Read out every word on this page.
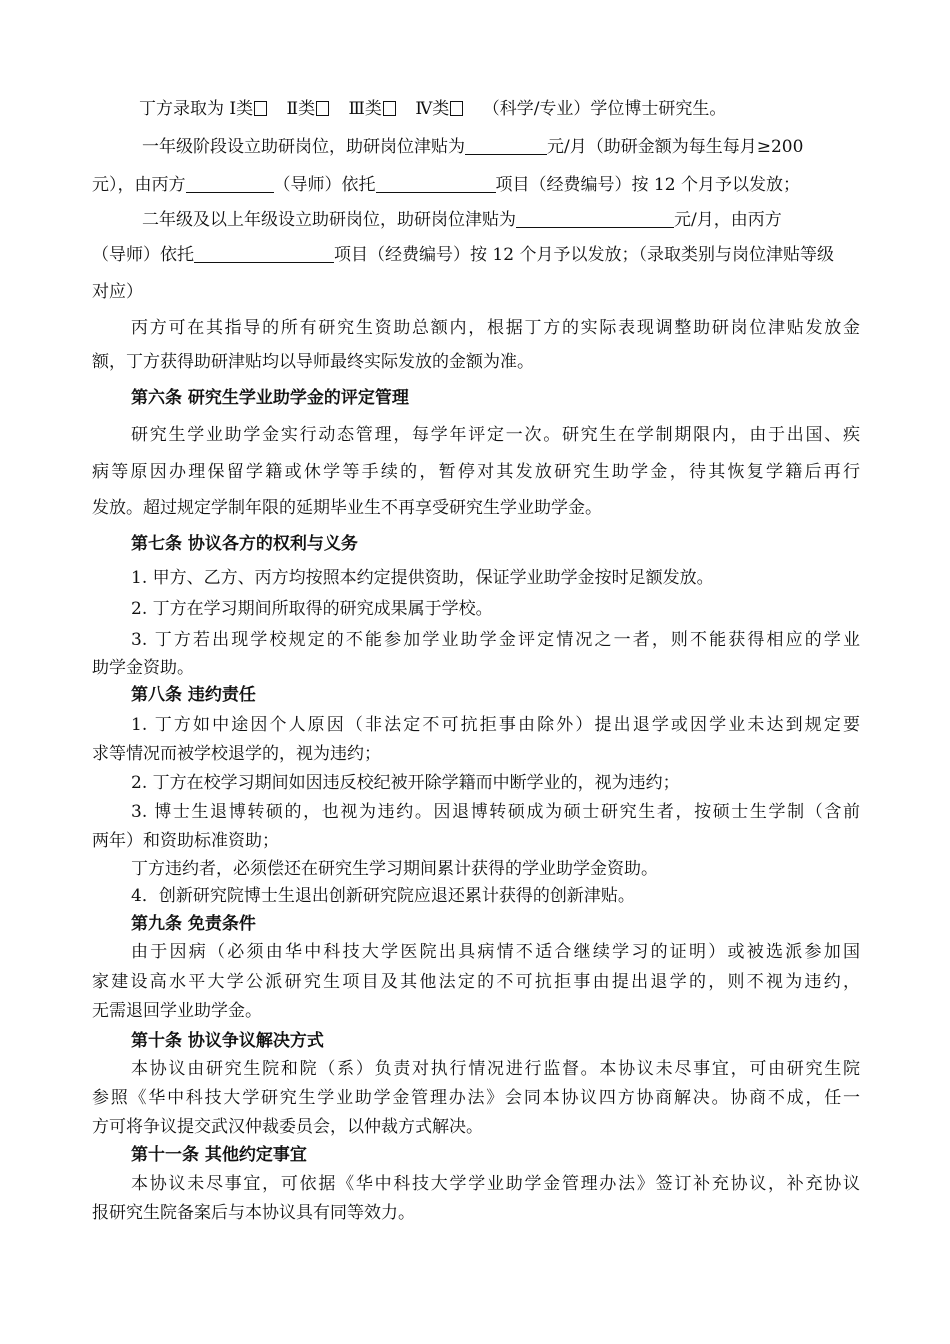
丁方录取为 Ⅰ类 Ⅱ类 Ⅲ类 Ⅳ类 （科学/专业）学位博士研究生。
一年级阶段设立助研岗位，助研岗位津贴为	元/月（助研金额为每生每月≥200
元），由丙方	（导师）依托	项目（经费编号）按 12 个月予以发放；
二年级及以上年级设立助研岗位，助研岗位津贴为	元/月，由丙方
（导师）依托	项目（经费编号）按 12 个月予以发放；（录取类别与岗位津贴等级
对应）
丙方可在其指导的所有研究生资助总额内，根据丁方的实际表现调整助研岗位津贴发放金
额，丁方获得助研津贴均以导师最终实际发放的金额为准。
第六条 研究生学业助学金的评定管理
研究生学业助学金实行动态管理，每学年评定一次。研究生在学制期限内，由于出国、疾
病等原因办理保留学籍或休学等手续的，暂停对其发放研究生助学金，待其恢复学籍后再行
发放。超过规定学制年限的延期毕业生不再享受研究生学业助学金。
第七条 协议各方的权利与义务
1. 甲方、乙方、丙方均按照本约定提供资助，保证学业助学金按时足额发放。
2. 丁方在学习期间所取得的研究成果属于学校。
3. 丁方若出现学校规定的不能参加学业助学金评定情况之一者，则不能获得相应的学业
助学金资助。
第八条 违约责任
1. 丁方如中途因个人原因（非法定不可抗拒事由除外）提出退学或因学业未达到规定要
求等情况而被学校退学的，视为违约；
2. 丁方在校学习期间如因违反校纪被开除学籍而中断学业的，视为违约；
3. 博士生退博转硕的，也视为违约。因退博转硕成为硕士研究生者，按硕士生学制（含前
两年）和资助标准资助；
丁方违约者，必须偿还在研究生学习期间累计获得的学业助学金资助。
4．创新研究院博士生退出创新研究院应退还累计获得的创新津贴。
第九条 免责条件
由于因病（必须由华中科技大学医院出具病情不适合继续学习的证明）或被选派参加国
家建设高水平大学公派研究生项目及其他法定的不可抗拒事由提出退学的，则不视为违约，
无需退回学业助学金。
第十条 协议争议解决方式
本协议由研究生院和院（系）负责对执行情况进行监督。本协议未尽事宜，可由研究生院
参照《华中科技大学研究生学业助学金管理办法》会同本协议四方协商解决。协商不成，任一
方可将争议提交武汉仲裁委员会，以仲裁方式解决。
第十一条 其他约定事宜
本协议未尽事宜，可依据《华中科技大学学业助学金管理办法》签订补充协议，补充协议
报研究生院备案后与本协议具有同等效力。
